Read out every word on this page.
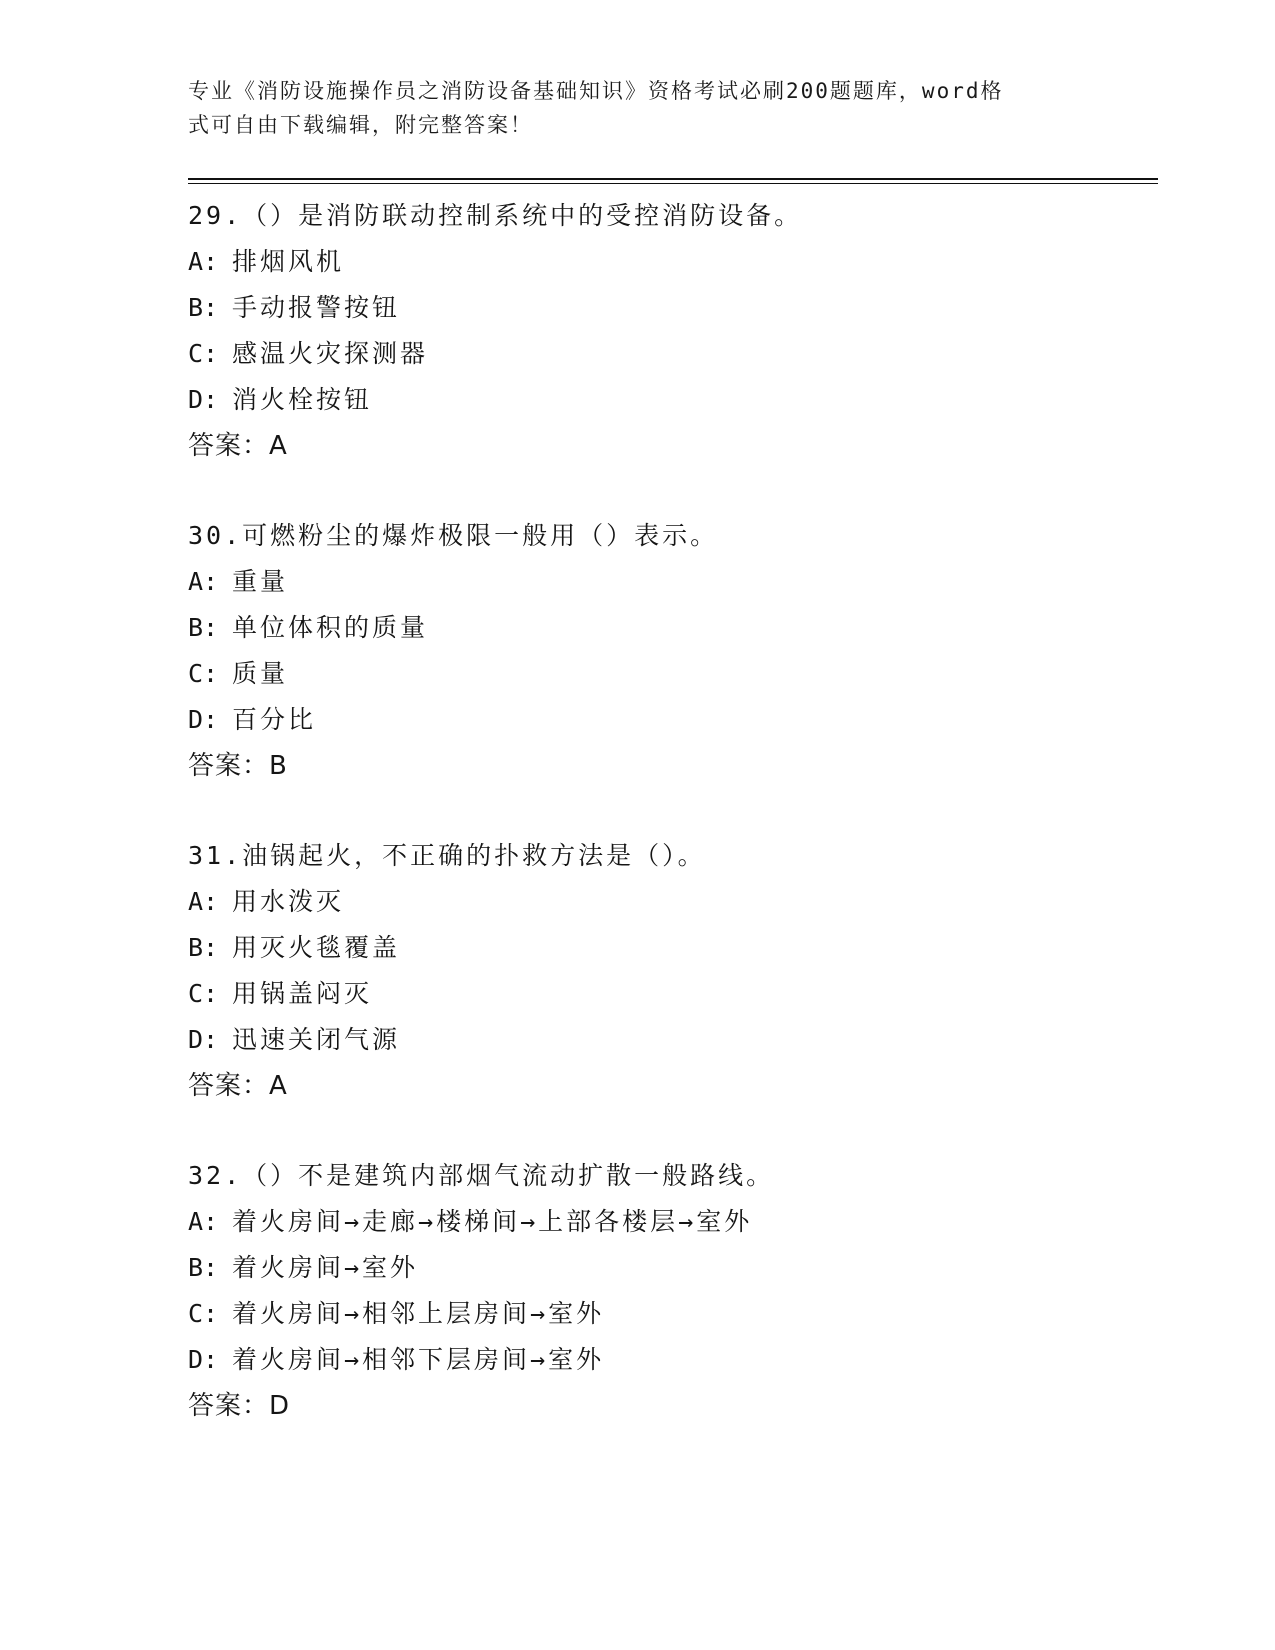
专业《消防设施操作员之消防设备基础知识》资格考试必刷200题题库，word格
式可自由下载编辑，附完整答案！
29.（）是消防联动控制系统中的受控消防设备。
A: 排烟风机
B: 手动报警按钮
C: 感温火灾探测器
D: 消火栓按钮
答案：A
30.可燃粉尘的爆炸极限一般用（）表示。
A: 重量
B: 单位体积的质量
C: 质量
D: 百分比
答案：B
31.油锅起火，不正确的扑救方法是（）。
A: 用水泼灭
B: 用灭火毯覆盖
C: 用锅盖闷灭
D: 迅速关闭气源
答案：A
32.（）不是建筑内部烟气流动扩散一般路线。
A: 着火房间→走廊→楼梯间→上部各楼层→室外
B: 着火房间→室外
C: 着火房间→相邻上层房间→室外
D: 着火房间→相邻下层房间→室外
答案：D
